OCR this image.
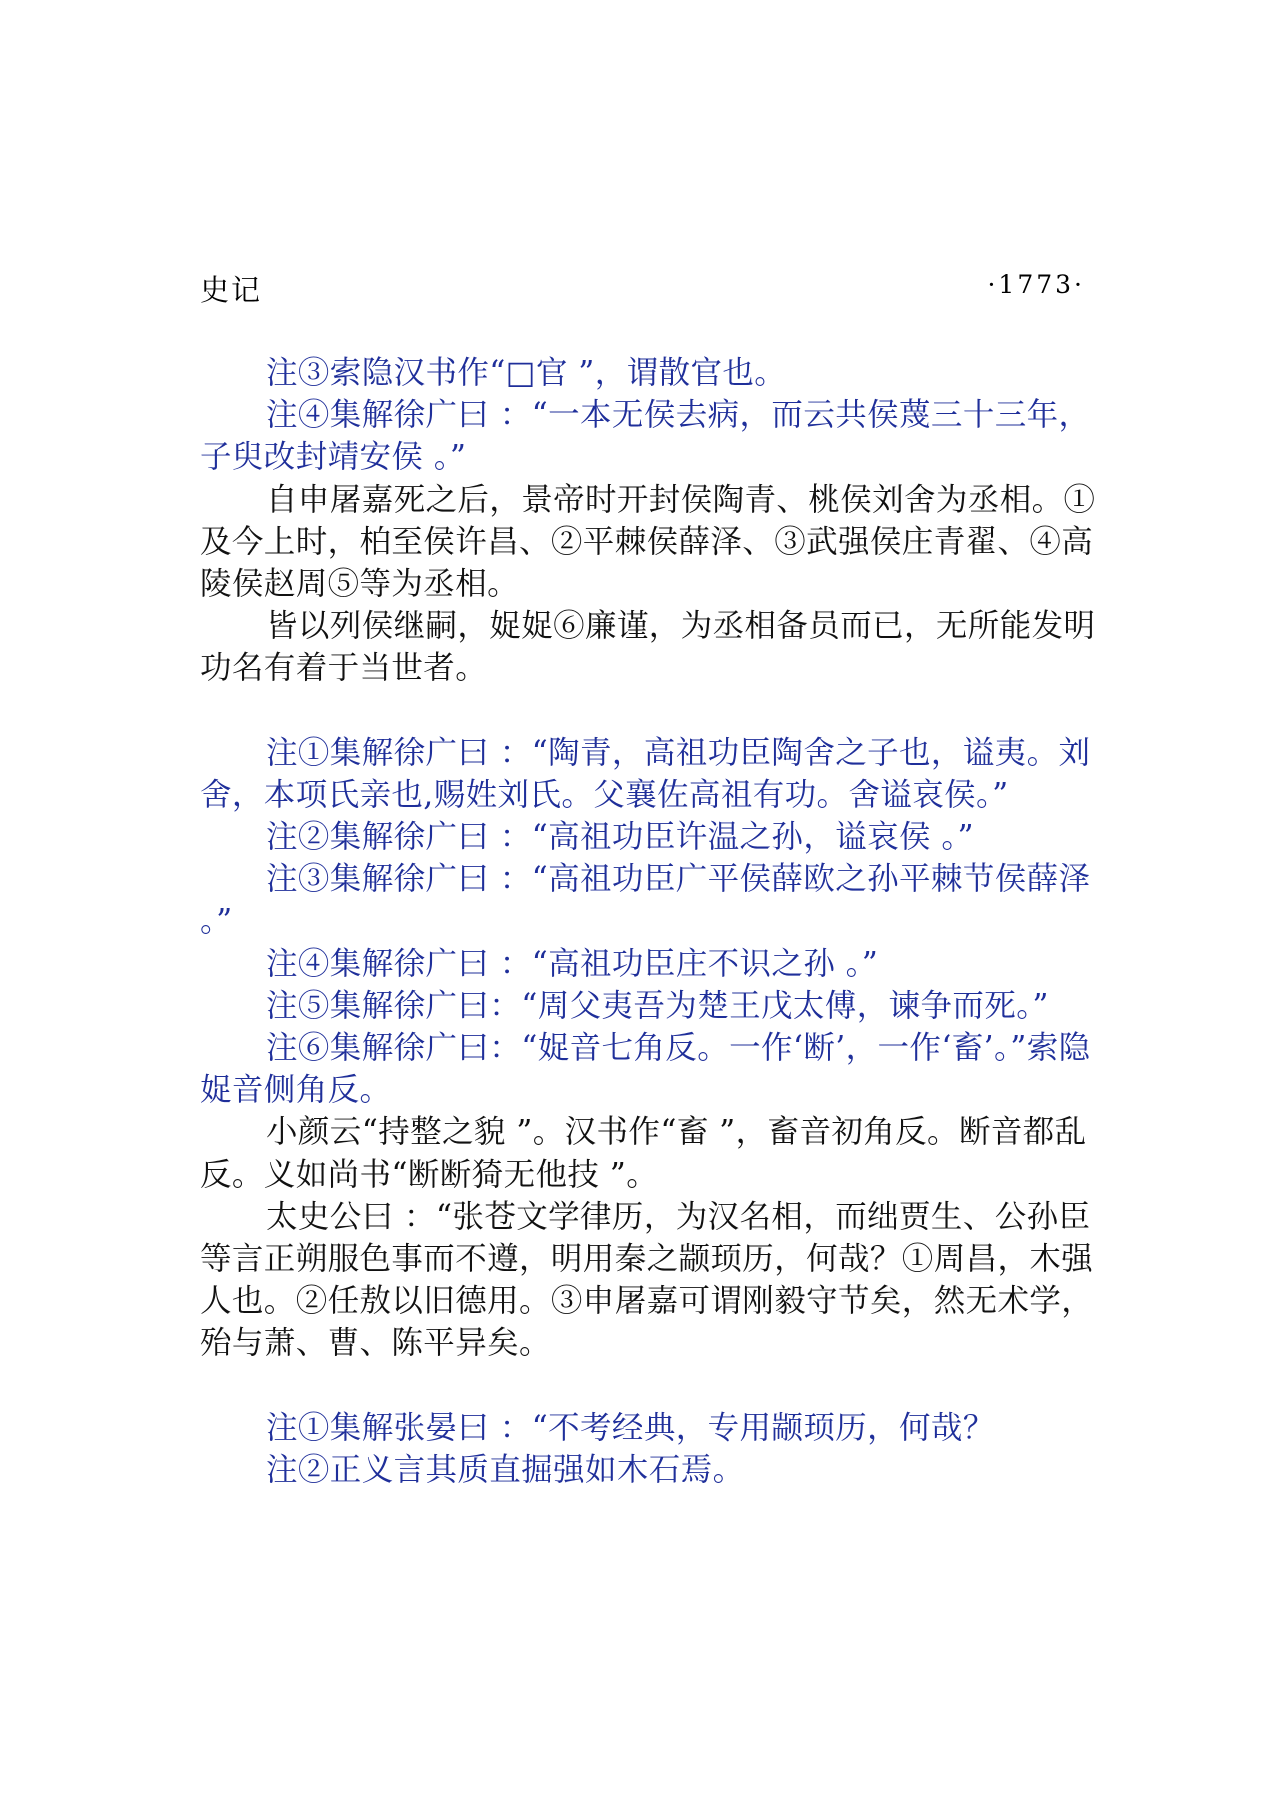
史记	·1773·

注③索隐汉书作“□官 ”，谓散官也。

注④集解徐广曰 ：“一本无侯去病，而云共侯蔑三十三年，子臾改封靖安侯 。”

自申屠嘉死之后，景帝时开封侯陶青、桃侯刘舍为丞相。①及今上时，柏至侯许昌、②平棘侯薛泽、③武强侯庄青翟、④高陵侯赵周⑤等为丞相。

皆以列侯继嗣，娖娖⑥廉谨，为丞相备员而已，无所能发明功名有着于当世者。

注①集解徐广曰 ：“陶青，高祖功臣陶舍之子也，谥夷。刘舍，本项氏亲也,赐姓刘氏。父襄佐高祖有功。舍谥哀侯。”

注②集解徐广曰 ：“高祖功臣许温之孙，谥哀侯 。”

注③集解徐广曰 ：“高祖功臣广平侯薛欧之孙平棘节侯薛泽 。”

注④集解徐广曰 ：“高祖功臣庄不识之孙 。”

注⑤集解徐广曰：“周父夷吾为楚王戊太傅，谏争而死。”

注⑥集解徐广曰：“娖音七角反。一作‘断’，一作‘畜’。”索隐娖音侧角反。

小颜云“持整之貌 ”。汉书作“畜 ”，畜音初角反。断音都乱反。义如尚书“断断猗无他技 ”。

太史公曰 ：“张苍文学律历，为汉名相，而绌贾生、公孙臣等言正朔服色事而不遵，明用秦之颛顼历，何哉？①周昌，木强人也。②任敖以旧德用。③申屠嘉可谓刚毅守节矣，然无术学，殆与萧、曹、陈平异矣。

注①集解张晏曰 ：“不考经典，专用颛顼历，何哉？

注②正义言其质直掘强如木石焉。
